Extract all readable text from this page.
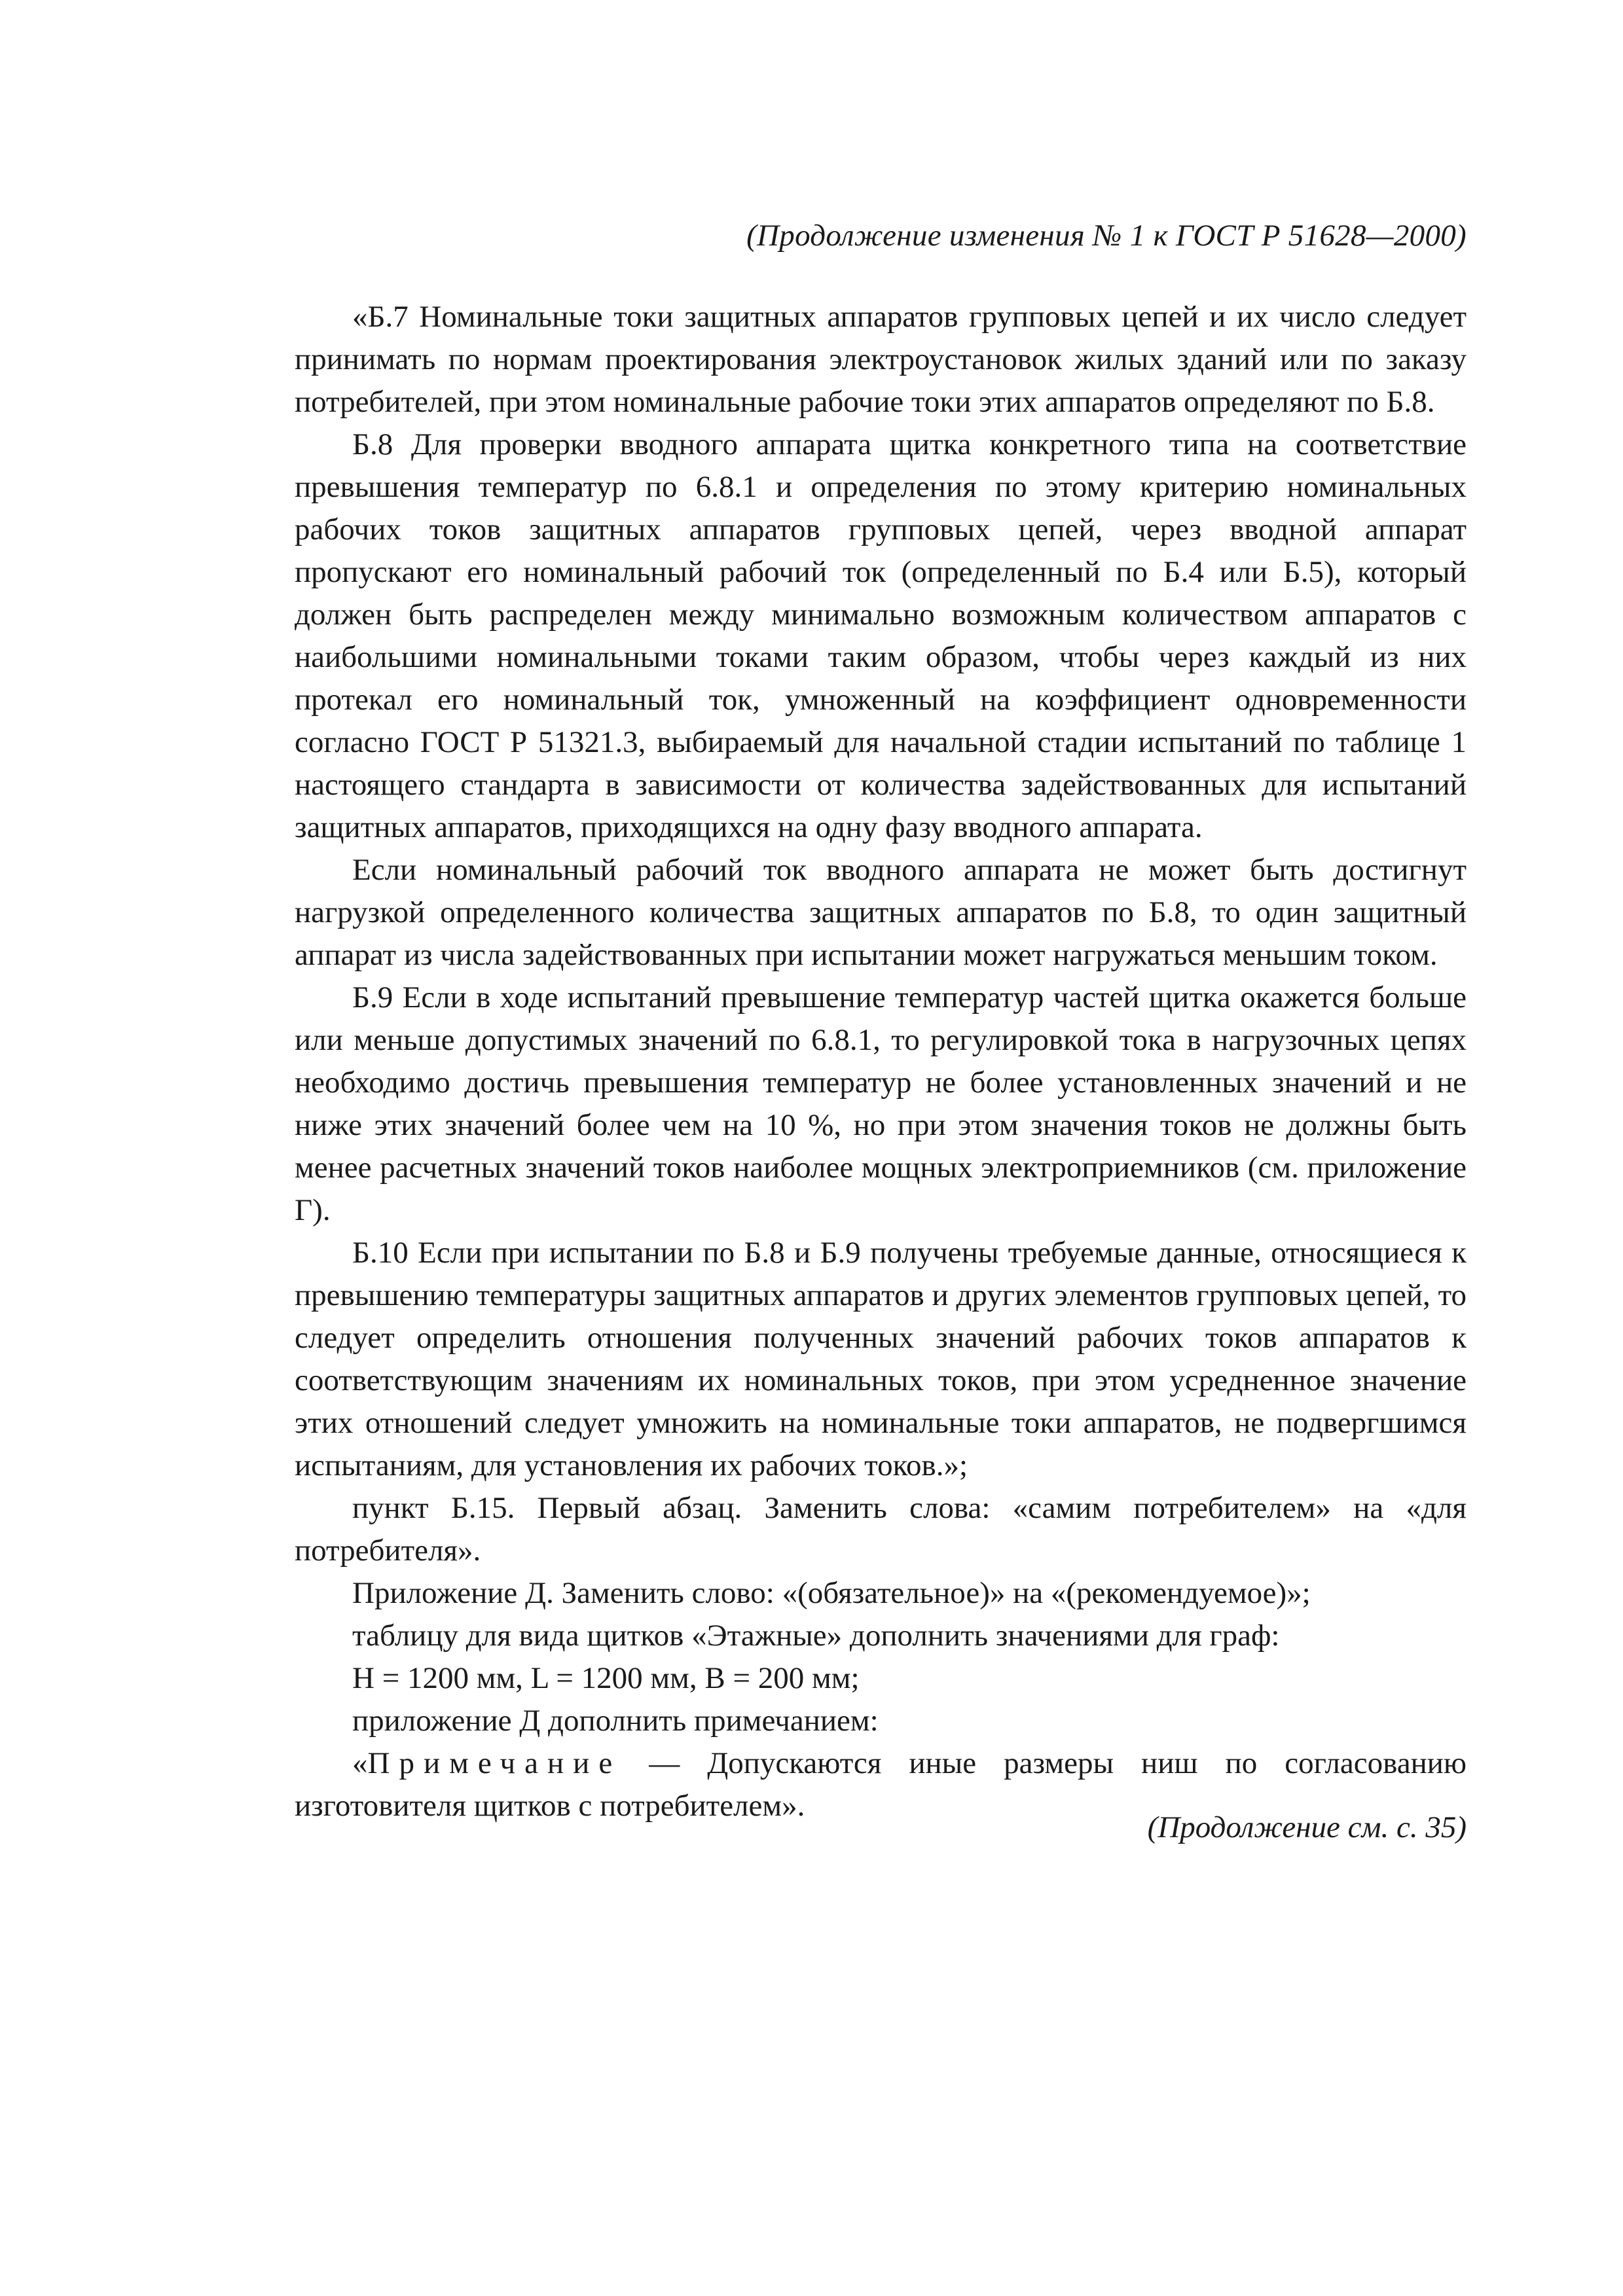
(Продолжение изменения № 1 к ГОСТ Р 51628—2000)

«Б.7 Номинальные токи защитных аппаратов групповых цепей и их число следует принимать по нормам проектирования электроустановок жилых зданий или по заказу потребителей, при этом номинальные рабочие токи этих аппаратов определяют по Б.8.

Б.8 Для проверки вводного аппарата щитка конкретного типа на соответствие превышения температур по 6.8.1 и определения по этому критерию номинальных рабочих токов защитных аппаратов групповых цепей, через вводной аппарат пропускают его номинальный рабочий ток (определенный по Б.4 или Б.5), который должен быть распределен между минимально возможным количеством аппаратов с наибольшими номинальными токами таким образом, чтобы через каждый из них протекал его номинальный ток, умноженный на коэффициент одновременности согласно ГОСТ Р 51321.3, выбираемый для начальной стадии испытаний по таблице 1 настоящего стандарта в зависимости от количества задействованных для испытаний защитных аппаратов, приходящихся на одну фазу вводного аппарата.

Если номинальный рабочий ток вводного аппарата не может быть достигнут нагрузкой определенного количества защитных аппаратов по Б.8, то один защитный аппарат из числа задействованных при испытании может нагружаться меньшим током.

Б.9 Если в ходе испытаний превышение температур частей щитка окажется больше или меньше допустимых значений по 6.8.1, то регулировкой тока в нагрузочных цепях необходимо достичь превышения температур не более установленных значений и не ниже этих значений более чем на 10 %, но при этом значения токов не должны быть менее расчетных значений токов наиболее мощных электроприемников (см. приложение Г).

Б.10 Если при испытании по Б.8 и Б.9 получены требуемые данные, относящиеся к превышению температуры защитных аппаратов и других элементов групповых цепей, то следует определить отношения полученных значений рабочих токов аппаратов к соответствующим значениям их номинальных токов, при этом усредненное значение этих отношений следует умножить на номинальные токи аппаратов, не подвергшимся испытаниям, для установления их рабочих токов.»;

пункт Б.15. Первый абзац. Заменить слова: «самим потребителем» на «для потребителя».

Приложение Д. Заменить слово: «(обязательное)» на «(рекомендуемое)»;

таблицу для вида щитков «Этажные» дополнить значениями для граф:

H = 1200 мм, L = 1200 мм, B = 200 мм;

приложение Д дополнить примечанием:

«Примечание — Допускаются иные размеры ниш по согласованию изготовителя щитков с потребителем».

(Продолжение см. с. 35)
